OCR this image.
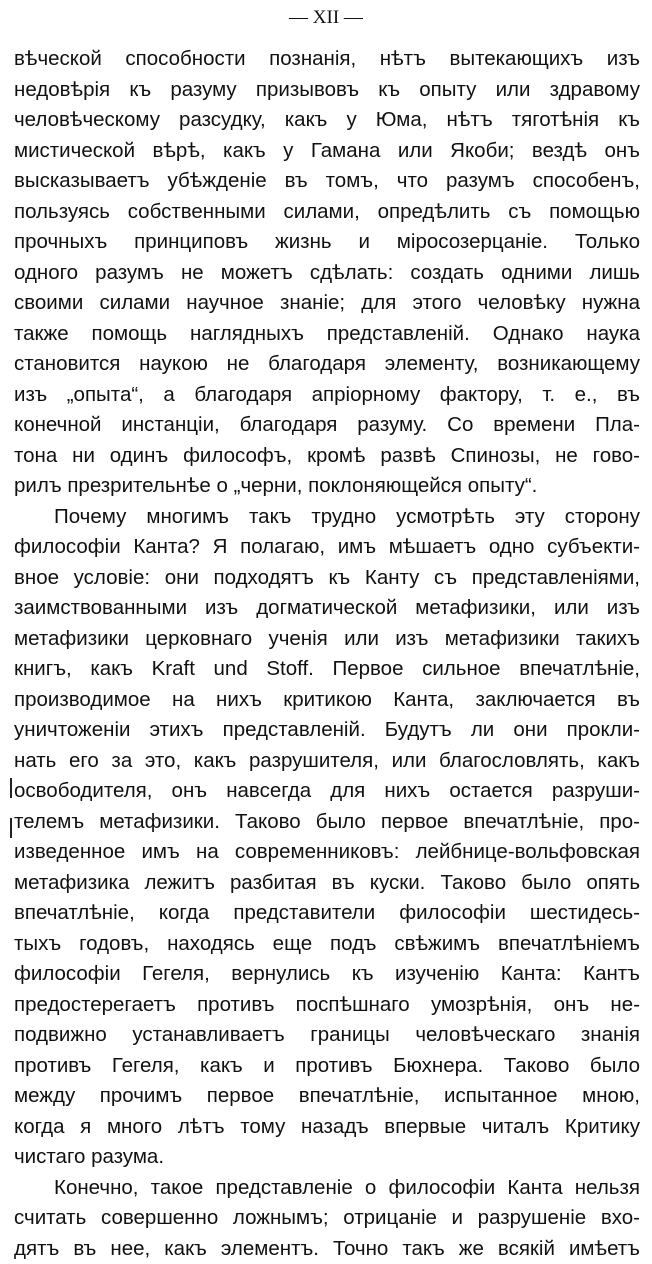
— XII —
вѣческой способности познанія, нѣтъ вытекающихъ изъ
недовѣрія къ разуму призывовъ къ опыту или здравому
человѣческому разсудку, какъ у Юма, нѣтъ тяготѣнія къ
мистической вѣрѣ, какъ у Гамана или Якоби; вездѣ онъ
высказываетъ убѣжденіе въ томъ, что разумъ способенъ,
пользуясь собственными силами, опредѣлить съ помощью
прочныхъ принциповъ жизнь и міросозерцаніе. Только
одного разумъ не можетъ сдѣлать: создать одними лишь
своими силами научное знаніе; для этого человѣку нужна
также помощь наглядныхъ представленій. Однако наука
становится наукою не благодаря элементу, возникающему
изъ „опыта“, а благодаря апріорному фактору, т. е., въ
конечной инстанціи, благодаря разуму. Со времени Пла-
тона ни одинъ философъ, кромѣ развѣ Спинозы, не гово-
рилъ презрительнѣе о „черни, поклоняющейся опыту“.
Почему многимъ такъ трудно усмотрѣть эту сторону
философіи Канта? Я полагаю, имъ мѣшаетъ одно субъекти-
вное условіе: они подходятъ къ Канту съ представленіями,
заимствованными изъ догматической метафизики, или изъ
метафизики церковнаго ученія или изъ метафизики такихъ
книгъ, какъ Kraft und Stoff. Первое сильное впечатлѣніе,
производимое на нихъ критикою Канта, заключается въ
уничтоженіи этихъ представленій. Будутъ ли они прокли-
нать его за это, какъ разрушителя, или благословлять, какъ
освободителя, онъ навсегда для нихъ остается разруши-
телемъ метафизики. Таково было первое впечатлѣніе, про-
изведенное имъ на современниковъ: лейбнице-вольфовская
метафизика лежитъ разбитая въ куски. Таково было опять
впечатлѣніе, когда представители философіи шестидесь-
тыхъ годовъ, находясь еще подъ свѣжимъ впечатлѣніемъ
философіи Гегеля, вернулись къ изученію Канта: Кантъ
предостерегаетъ противъ поспѣшнаго умозрѣнія, онъ не-
подвижно устанавливаетъ границы человѣческаго знанія
противъ Гегеля, какъ и противъ Бюхнера. Таково было
между прочимъ первое впечатлѣніе, испытанное мною,
когда я много лѣтъ тому назадъ впервые читалъ Критику
чистаго разума.
Конечно, такое представленіе о философіи Канта нельзя
считать совершенно ложнымъ; отрицаніе и разрушеніе вхо-
дятъ въ нее, какъ элементъ. Точно такъ же всякій имѣетъ
